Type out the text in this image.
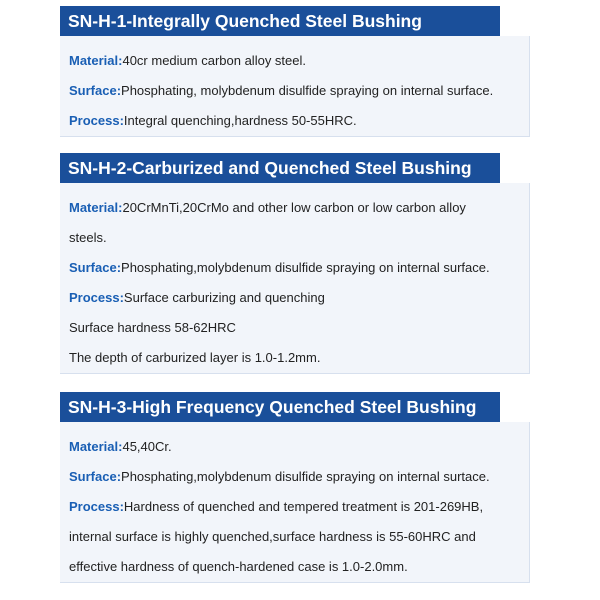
SN-H-1-Integrally Quenched Steel Bushing
Material:40cr medium carbon alloy steel.
Surface:Phosphating, molybdenum disulfide spraying on internal surface.
Process:Integral quenching,hardness 50-55HRC.
SN-H-2-Carburized and Quenched Steel Bushing
Material:20CrMnTi,20CrMo and other low carbon or low carbon alloy
steels.
Surface:Phosphating,molybdenum disulfide spraying on internal surface.
Process:Surface carburizing and quenching
Surface hardness 58-62HRC
The depth of carburized layer is 1.0-1.2mm.
SN-H-3-High Frequency Quenched Steel Bushing
Material:45,40Cr.
Surface:Phosphating,molybdenum disulfide spraying on internal surtace.
Process:Hardness of quenched and tempered treatment is 201-269HB,
internal surface is highly quenched,surface hardness is 55-60HRC and
effective hardness of quench-hardened case is 1.0-2.0mm.
